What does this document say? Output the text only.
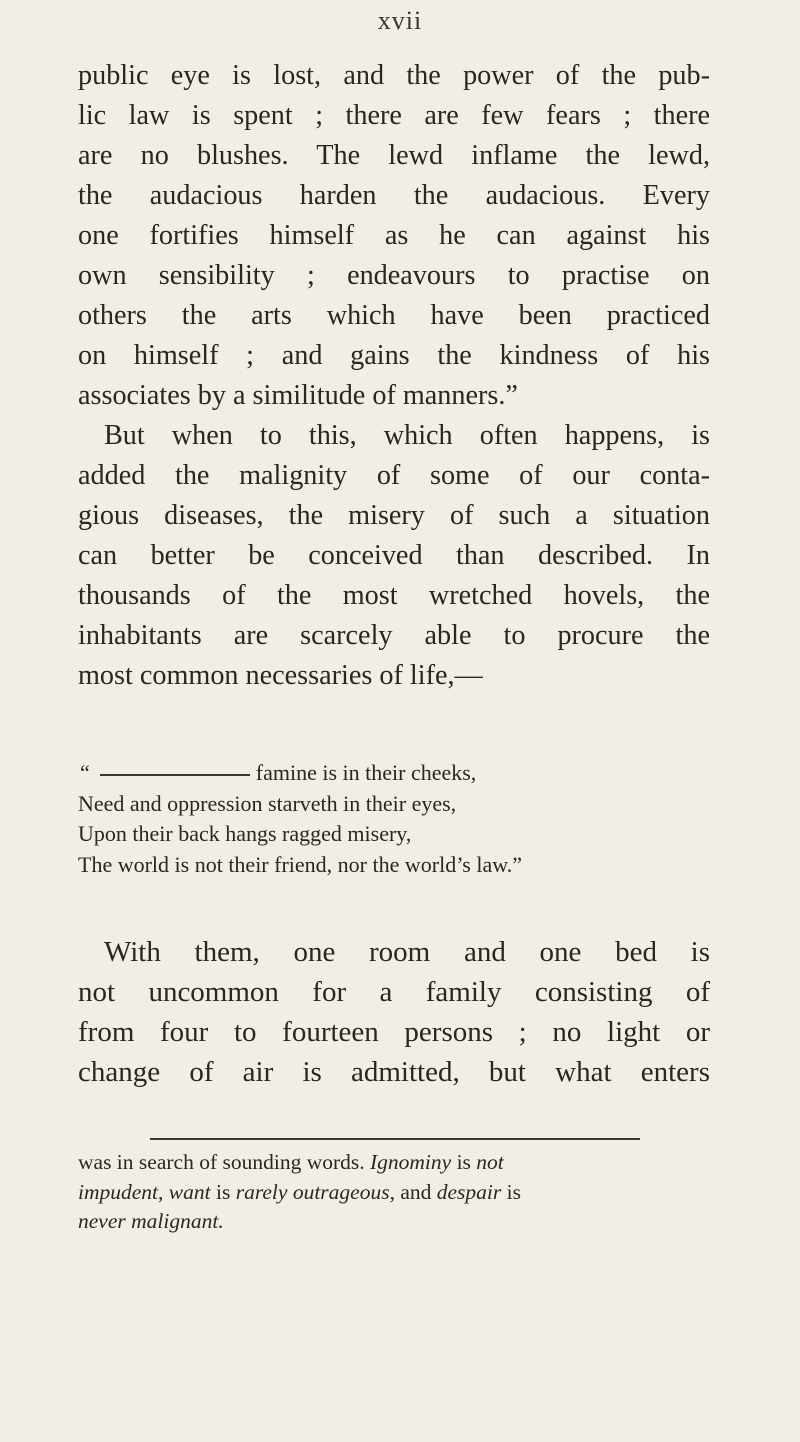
xvii
public eye is lost, and the power of the pub-
lic law is spent ; there are few fears ; there
are no blushes. The lewd inflame the lewd,
the audacious harden the audacious. Every
one fortifies himself as he can against his
own sensibility ; endeavours to practise on
others the arts which have been practiced
on himself ; and gains the kindness of his
associates by a similitude of manners.”
But when to this, which often happens, is
added the malignity of some of our conta-
gious diseases, the misery of such a situation
can better be conceived than described. In
thousands of the most wretched hovels, the
inhabitants are scarcely able to procure the
most common necessaries of life,—
“	famine is in their cheeks,
Need and oppression starveth in their eyes,
Upon their back hangs ragged misery,
The world is not their friend, nor the world’s law.”
With them, one room and one bed is
not uncommon for a family consisting of
from four to fourteen persons ; no light or
change of air is admitted, but what enters
was in search of sounding words. Ignominy is not
impudent, want is rarely outrageous, and despair is
never malignant.
